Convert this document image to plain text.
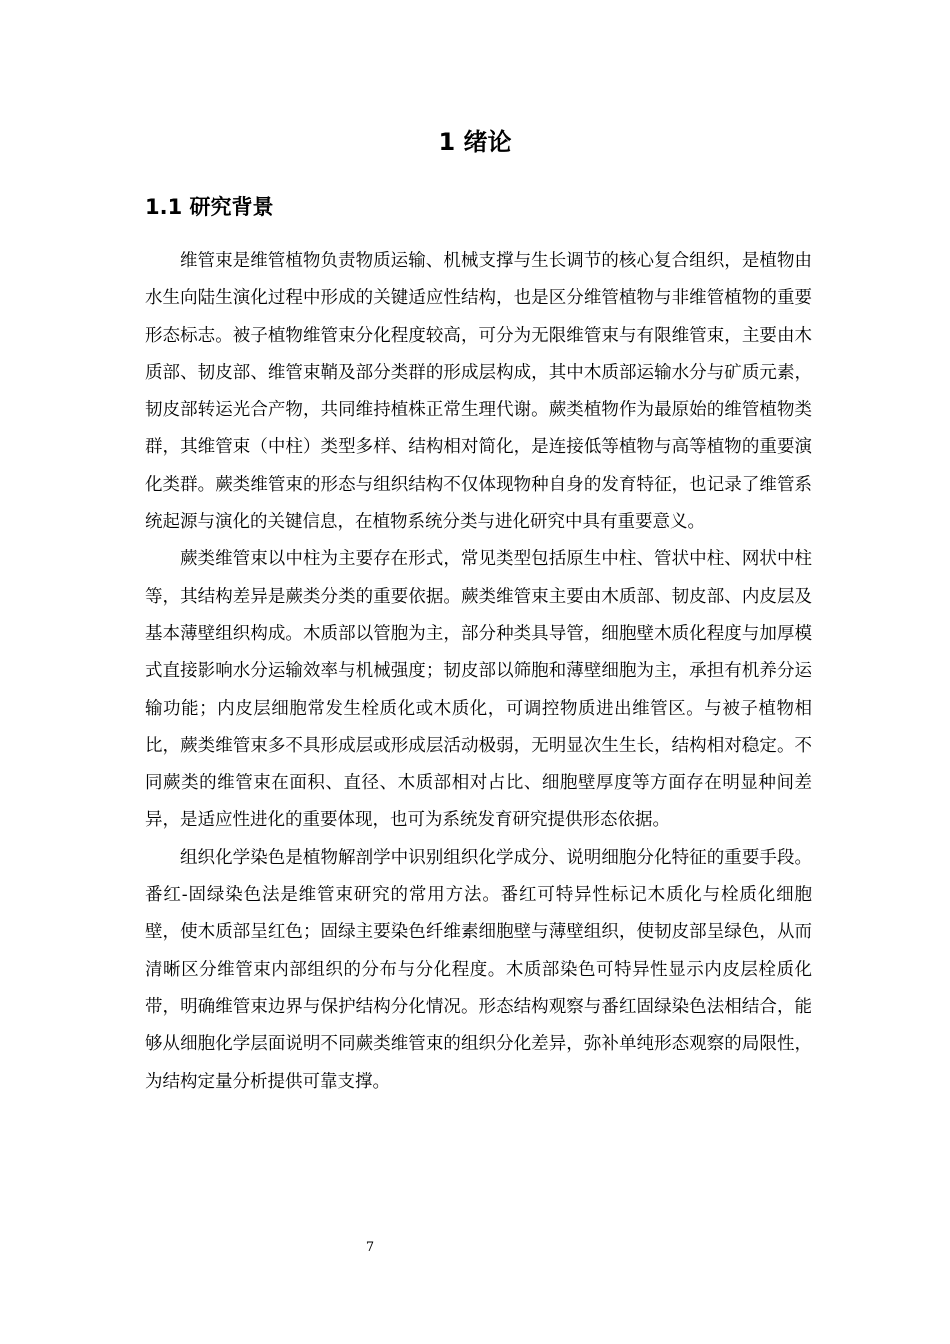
1 绪论
1.1 研究背景

维管束是维管植物负责物质运输、机械支撑与生长调节的核心复合组织，是植物由水生向陆生演化过程中形成的关键适应性结构，也是区分维管植物与非维管植物的重要形态标志。被子植物维管束分化程度较高，可分为无限维管束与有限维管束，主要由木质部、韧皮部、维管束鞘及部分类群的形成层构成，其中木质部运输水分与矿质元素，韧皮部转运光合产物，共同维持植株正常生理代谢。蕨类植物作为最原始的维管植物类群，其维管束（中柱）类型多样、结构相对简化，是连接低等植物与高等植物的重要演化类群。蕨类维管束的形态与组织结构不仅体现物种自身的发育特征，也记录了维管系统起源与演化的关键信息，在植物系统分类与进化研究中具有重要意义。

蕨类维管束以中柱为主要存在形式，常见类型包括原生中柱、管状中柱、网状中柱等，其结构差异是蕨类分类的重要依据。蕨类维管束主要由木质部、韧皮部、内皮层及基本薄壁组织构成。木质部以管胞为主，部分种类具导管，细胞壁木质化程度与加厚模式直接影响水分运输效率与机械强度；韧皮部以筛胞和薄壁细胞为主，承担有机养分运输功能；内皮层细胞常发生栓质化或木质化，可调控物质进出维管区。与被子植物相比，蕨类维管束多不具形成层或形成层活动极弱，无明显次生生长，结构相对稳定。不同蕨类的维管束在面积、直径、木质部相对占比、细胞壁厚度等方面存在明显种间差异，是适应性进化的重要体现，也可为系统发育研究提供形态依据。

组织化学染色是植物解剖学中识别组织化学成分、说明细胞分化特征的重要手段。番红-固绿染色法是维管束研究的常用方法。番红可特异性标记木质化与栓质化细胞壁，使木质部呈红色；固绿主要染色纤维素细胞壁与薄壁组织，使韧皮部呈绿色，从而清晰区分维管束内部组织的分布与分化程度。木质部染色可特异性显示内皮层栓质化带，明确维管束边界与保护结构分化情况。形态结构观察与番红固绿染色法相结合，能够从细胞化学层面说明不同蕨类维管束的组织分化差异，弥补单纯形态观察的局限性，为结构定量分析提供可靠支撑。

7
